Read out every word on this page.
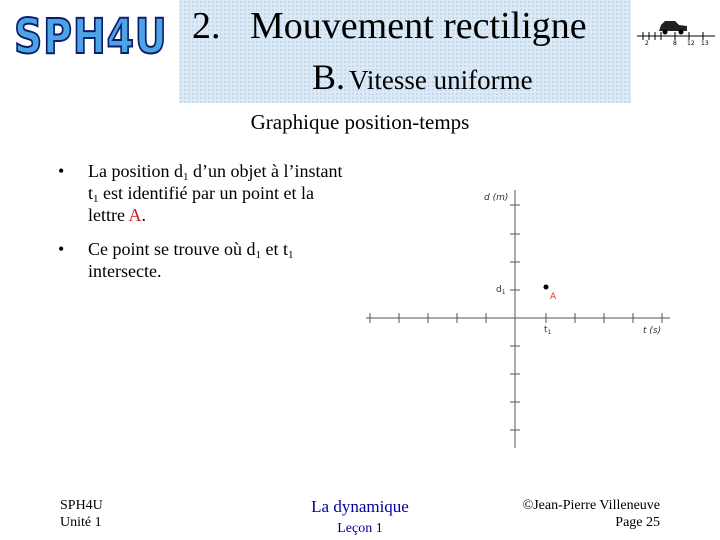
SPH4U 2. Mouvement rectiligne
B. Vitesse uniforme
2	8 12 13
Graphique position-temps
• La position $d_1$ d’un objet à l’instant $t_1$ est identifié par un point et la lettre A.
• Ce point se trouve où $d_1$ et $t_1$ intersecte.
d (m)
t (s)
$d_1$
$t_1$
A
SPH4U
Unité 1
La dynamique
Leçon 1
©Jean-Pierre Villeneuve
Page 25
